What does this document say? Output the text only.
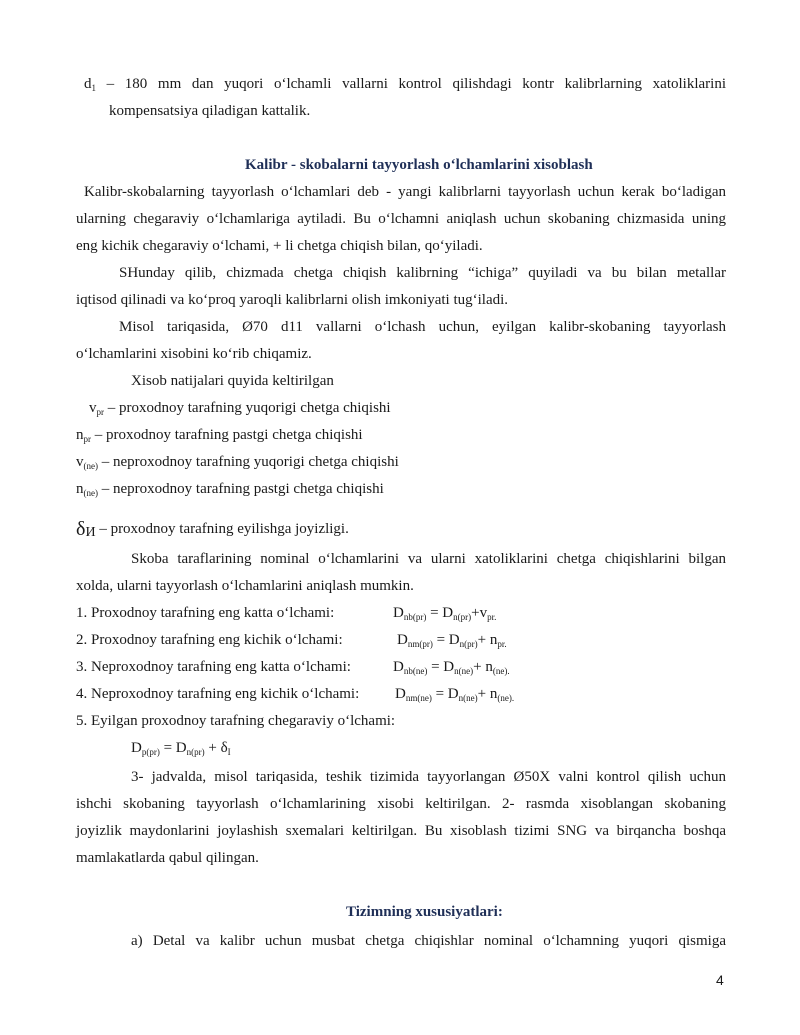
$d_1 - 180$ mm dan yuqori o‘lchamli vallarni kontrol qilishdagi kontr kalibrlarning xatoliklarini
kompensatsiya qiladigan kattalik.
Kalibr - skobalarni tayyorlash o‘lchamlarini xisoblash
Kalibr-skobalarning tayyorlash o‘lchamlari deb - yangi kalibrlarni tayyorlash uchun kerak bo‘ladigan
ularning chegaraviy o‘lchamlariga aytiladi. Bu o‘lchamni aniqlash uchun skobaning chizmasida uning
eng kichik chegaraviy o‘lchami, + li chetga chiqish bilan, qo‘yiladi.
SHunday qilib, chizmada chetga chiqish kalibrning “ichiga” quyiladi va bu bilan metallar
iqtisod qilinadi va ko‘proq yaroqli kalibrlarni olish imkoniyati tug‘iladi.
Misol tariqasida, Ø70 d11 vallarni o‘lchash uchun, eyilgan kalibr-skobaning tayyorlash
o‘lchamlarini xisobini ko‘rib chiqamiz.
Xisob natijalari quyida keltirilgan
$v_{pr}$ – proxodnoy tarafning yuqorigi chetga chiqishi
$n_{pr}$ – proxodnoy tarafning pastgi chetga chiqishi
$v_{(ne)}$ – neproxodnoy tarafning yuqorigi chetga chiqishi
$n_{(ne)}$ – neproxodnoy tarafning pastgi chetga chiqishi
δИ – proxodnoy tarafning eyilishga joyizligi.
Skoba taraflarining nominal o‘lchamlarini va ularni xatoliklarini chetga chiqishlarini bilgan
xolda, ularni tayyorlash o‘lchamlarini aniqlash mumkin.
1. Proxodnoy tarafning eng katta o‘lchami:
2. Proxodnoy tarafning eng kichik o‘lchami:
3. Neproxodnoy tarafning eng katta o‘lchami:
4. Neproxodnoy tarafning eng kichik o‘lchami:
5. Eyilgan proxodnoy tarafning chegaraviy o‘lchami:
$D_{nb(pr)} = D_{n(pr)}+v_{pr.}$
$D_{nm(pr)} = D_{n(pr)}+ n_{pr.}$
$D_{nb(ne)} = D_{n(ne)}+ n_{(ne).}$
$D_{nm(ne)} = D_{n(ne)}+ n_{(ne).}$
$D_{p(pr)} = D_{n(pr)} + \delta_I$
3- jadvalda, misol tariqasida, teshik tizimida tayyorlangan Ø50X valni kontrol qilish uchun
ishchi skobaning tayyorlash o‘lchamlarining xisobi keltirilgan. 2- rasmda xisoblangan skobaning
joyizlik maydonlarini joylashish sxemalari keltirilgan. Bu xisoblash tizimi SNG va birqancha boshqa
mamlakatlarda qabul qilingan.
Tizimning xususiyatlari:
a) Detal va kalibr uchun musbat chetga chiqishlar nominal o‘lchamning yuqori qismiga
4
